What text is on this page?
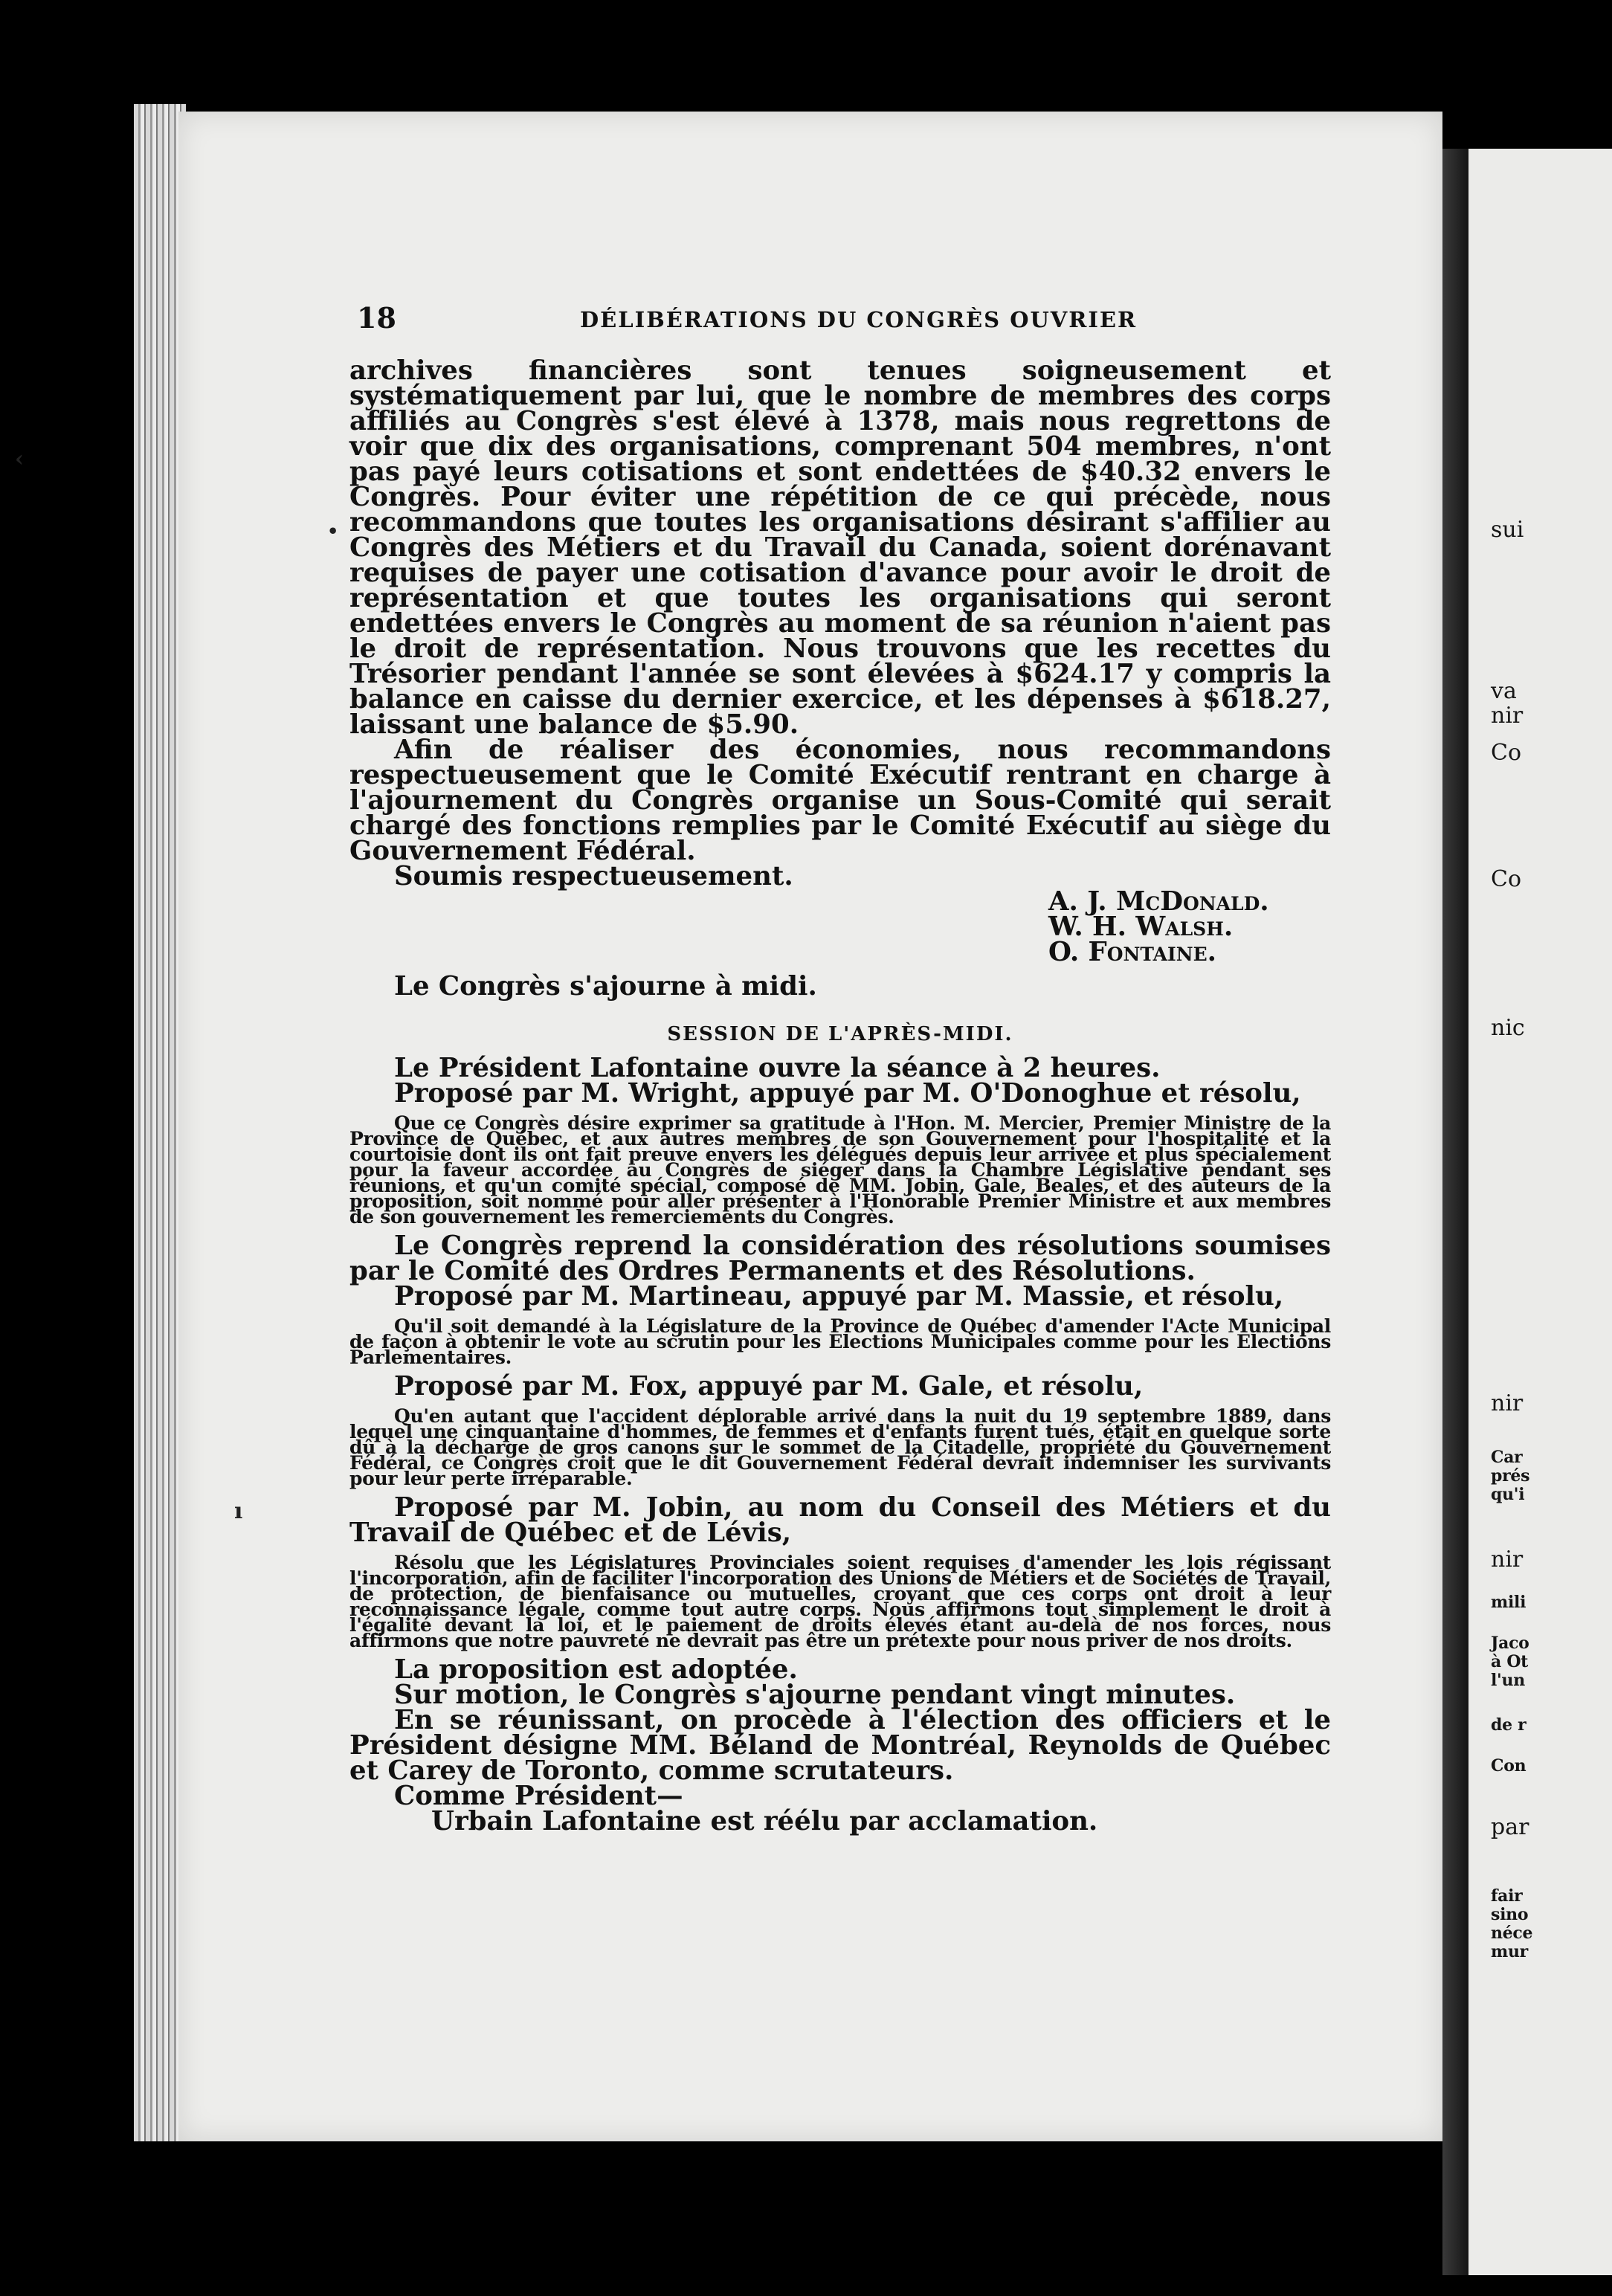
sui
va
nir
Co
Co
nic
nir
Car
prés
qu'i
nir
mili
Jaco
à Ot
l'un
de r
Con
par
fair
sino
néce
mur
‹
•
ı
18	DÉLIBÉRATIONS DU CONGRÈS OUVRIER

archives financières sont tenues soigneusement et systématiquement par lui, que le nombre de membres des corps affiliés au Congrès s'est élevé à 1378, mais nous regrettons de voir que dix des organisations, comprenant 504 membres, n'ont pas payé leurs cotisations et sont endettées de $40.32 envers le Congrès. Pour éviter une répétition de ce qui précède, nous recommandons que toutes les organisations désirant s'affilier au Congrès des Métiers et du Travail du Canada, soient dorénavant requises de payer une cotisation d'avance pour avoir le droit de représentation et que toutes les organisations qui seront endettées envers le Congrès au moment de sa réunion n'aient pas le droit de représentation. Nous trouvons que les recettes du Trésorier pendant l'année se sont élevées à $624.17 y compris la balance en caisse du dernier exercice, et les dépenses à $618.27, laissant une balance de $5.90.

Afin de réaliser des économies, nous recommandons respectueusement que le Comité Exécutif rentrant en charge à l'ajournement du Congrès organise un Sous-Comité qui serait chargé des fonctions remplies par le Comité Exécutif au siège du Gouvernement Fédéral.

Soumis respectueusement.

A. J. McDonald.

W. H. Walsh.

O. Fontaine.

Le Congrès s'ajourne à midi.

SESSION DE L'APRÈS-MIDI.

Le Président Lafontaine ouvre la séance à 2 heures.

Proposé par M. Wright, appuyé par M. O'Donoghue et résolu,

Que ce Congrès désire exprimer sa gratitude à l'Hon. M. Mercier, Premier Ministre de la Province de Québec, et aux autres membres de son Gouvernement pour l'hospitalité et la courtoisie dont ils ont fait preuve envers les délégués depuis leur arrivée et plus spécialement pour la faveur accordée au Congrès de siéger dans la Chambre Législative pendant ses réunions, et qu'un comité spécial, composé de MM. Jobin, Gale, Beales, et des auteurs de la proposition, soit nommé pour aller présenter à l'Honorable Premier Ministre et aux membres de son gouvernement les remerciements du Congrès.

Le Congrès reprend la considération des résolutions soumises par le Comité des Ordres Permanents et des Résolutions.

Proposé par M. Martineau, appuyé par M. Massie, et résolu,

Qu'il soit demandé à la Législature de la Province de Québec d'amender l'Acte Municipal de façon à obtenir le vote au scrutin pour les Elections Municipales comme pour les Elections Parlementaires.

Proposé par M. Fox, appuyé par M. Gale, et résolu,

Qu'en autant que l'accident déplorable arrivé dans la nuit du 19 septembre 1889, dans lequel une cinquantaine d'hommes, de femmes et d'enfants furent tués, était en quelque sorte dû à la décharge de gros canons sur le sommet de la Citadelle, propriété du Gouvernement Fédéral, ce Congrès croit que le dit Gouvernement Fédéral devrait indemniser les survivants pour leur perte irréparable.

Proposé par M. Jobin, au nom du Conseil des Métiers et du Travail de Québec et de Lévis,

Résolu que les Législatures Provinciales soient requises d'amender les lois régissant l'incorporation, afin de faciliter l'incorporation des Unions de Métiers et de Sociétés de Travail, de protection, de bienfaisance ou mutuelles, croyant que ces corps ont droit à leur reconnaissance légale, comme tout autre corps. Nous affirmons tout simplement le droit à l'égalité devant la loi, et le paiement de droits élevés étant au-delà de nos forces, nous affirmons que notre pauvreté ne devrait pas être un prétexte pour nous priver de nos droits.

La proposition est adoptée.

Sur motion, le Congrès s'ajourne pendant vingt minutes.

En se réunissant, on procède à l'élection des officiers et le Président désigne MM. Béland de Montréal, Reynolds de Québec et Carey de Toronto, comme scrutateurs.

Comme Président—

Urbain Lafontaine est réélu par acclamation.
